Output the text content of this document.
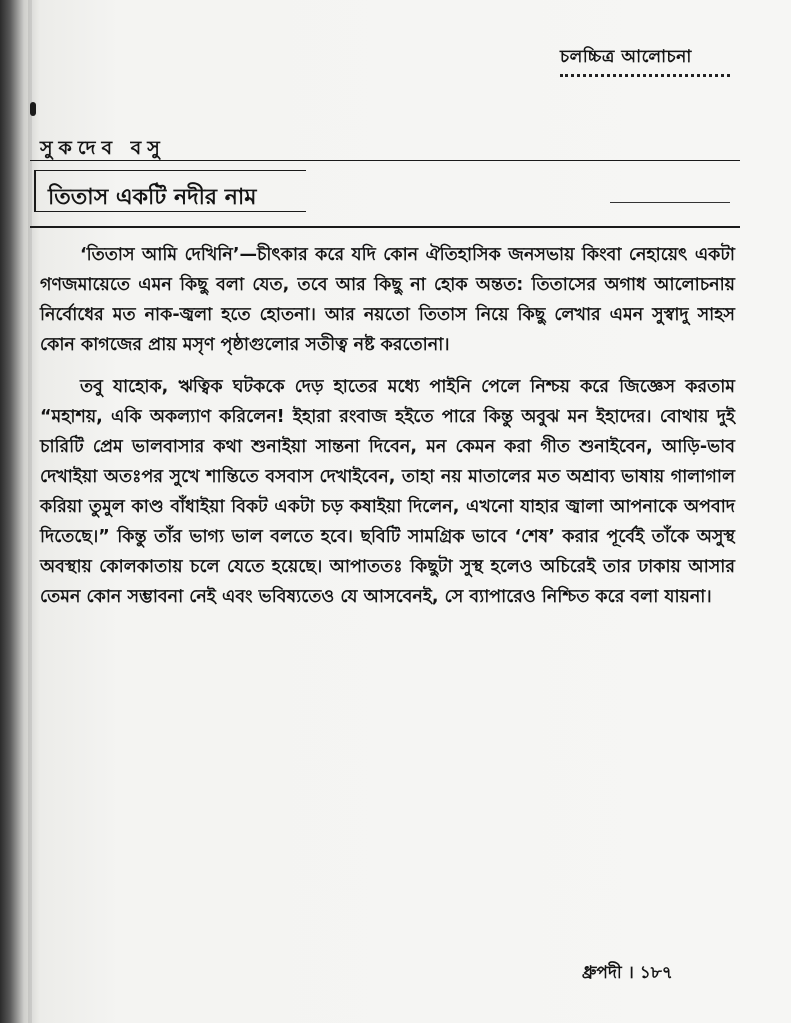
চলচ্চিত্র আলোচনা
সুকদেব বসু
তিতাস একটি নদীর নাম

‘তিতাস আমি দেখিনি’—চীৎকার করে যদি কোন ঐতিহাসিক জনসভায় কিংবা নেহায়েৎ একটা গণজমায়েতে এমন কিছু বলা যেত, তবে আর কিছু না হোক অন্তত: তিতাসের অগাধ আলোচনায় নির্বোধের মত নাক-জ্বলা হতে হোতনা। আর নয়তো তিতাস নিয়ে কিছু লেখার এমন সুস্বাদু সাহস কোন কাগজের প্রায় মসৃণ পৃষ্ঠাগুলোর সতীত্ব নষ্ট করতোনা।

তবু যাহোক, ঋত্বিক ঘটককে দেড় হাতের মধ্যে পাইনি পেলে নিশ্চয় করে জিজ্ঞেস করতাম “মহাশয়, একি অকল্যাণ করিলেন! ইহারা রংবাজ হইতে পারে কিন্তু অবুঝ মন ইহাদের। বোথায় দুই চারিটি প্রেম ভালবাসার কথা শুনাইয়া সান্তনা দিবেন, মন কেমন করা গীত শুনাইবেন, আড়ি-ভাব দেখাইয়া অতঃপর সুখে শান্তিতে বসবাস দেখাইবেন, তাহা নয় মাতালের মত অশ্রাব্য ভাষায় গালাগাল করিয়া তুমুল কাণ্ড বাঁধাইয়া বিকট একটা চড় কষাইয়া দিলেন, এখনো যাহার জ্বালা আপনাকে অপবাদ দিতেছে।” কিন্তু তাঁর ভাগ্য ভাল বলতে হবে। ছবিটি সামগ্রিক ভাবে ‘শেষ’ করার পূর্বেই তাঁকে অসুস্থ অবস্থায় কোলকাতায় চলে যেতে হয়েছে। আপাততঃ কিছুটা সুস্থ হলেও অচিরেই তার ঢাকায় আসার তেমন কোন সম্ভাবনা নেই এবং ভবিষ্যতেও যে আসবেনই, সে ব্যাপারেও নিশ্চিত করে বলা যায়না।

ধ্রুপদী । ১৮৭
